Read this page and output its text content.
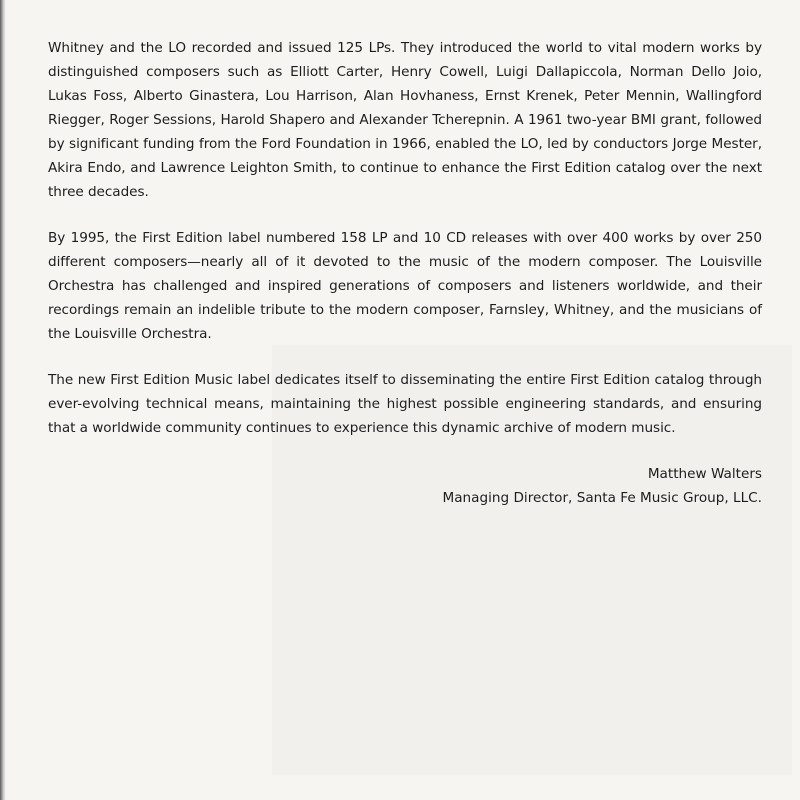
Whitney and the LO recorded and issued 125 LPs. They introduced the world to vital modern works by distinguished composers such as Elliott Carter, Henry Cowell, Luigi Dallapiccola, Norman Dello Joio, Lukas Foss, Alberto Ginastera, Lou Harrison, Alan Hovhaness, Ernst Krenek, Peter Mennin, Wallingford Riegger, Roger Sessions, Harold Shapero and Alexander Tcherepnin. A 1961 two-year BMI grant, followed by significant funding from the Ford Foundation in 1966, enabled the LO, led by conductors Jorge Mester, Akira Endo, and Lawrence Leighton Smith, to continue to enhance the First Edition catalog over the next three decades.

By 1995, the First Edition label numbered 158 LP and 10 CD releases with over 400 works by over 250 different composers—nearly all of it devoted to the music of the modern composer. The Louisville Orchestra has challenged and inspired generations of composers and listeners worldwide, and their recordings remain an indelible tribute to the modern composer, Farnsley, Whitney, and the musicians of the Louisville Orchestra.

The new First Edition Music label dedicates itself to disseminating the entire First Edition catalog through ever-evolving technical means, maintaining the highest possible engineering standards, and ensuring that a worldwide community continues to experience this dynamic archive of modern music.

Matthew Walters
Managing Director, Santa Fe Music Group, LLC.
